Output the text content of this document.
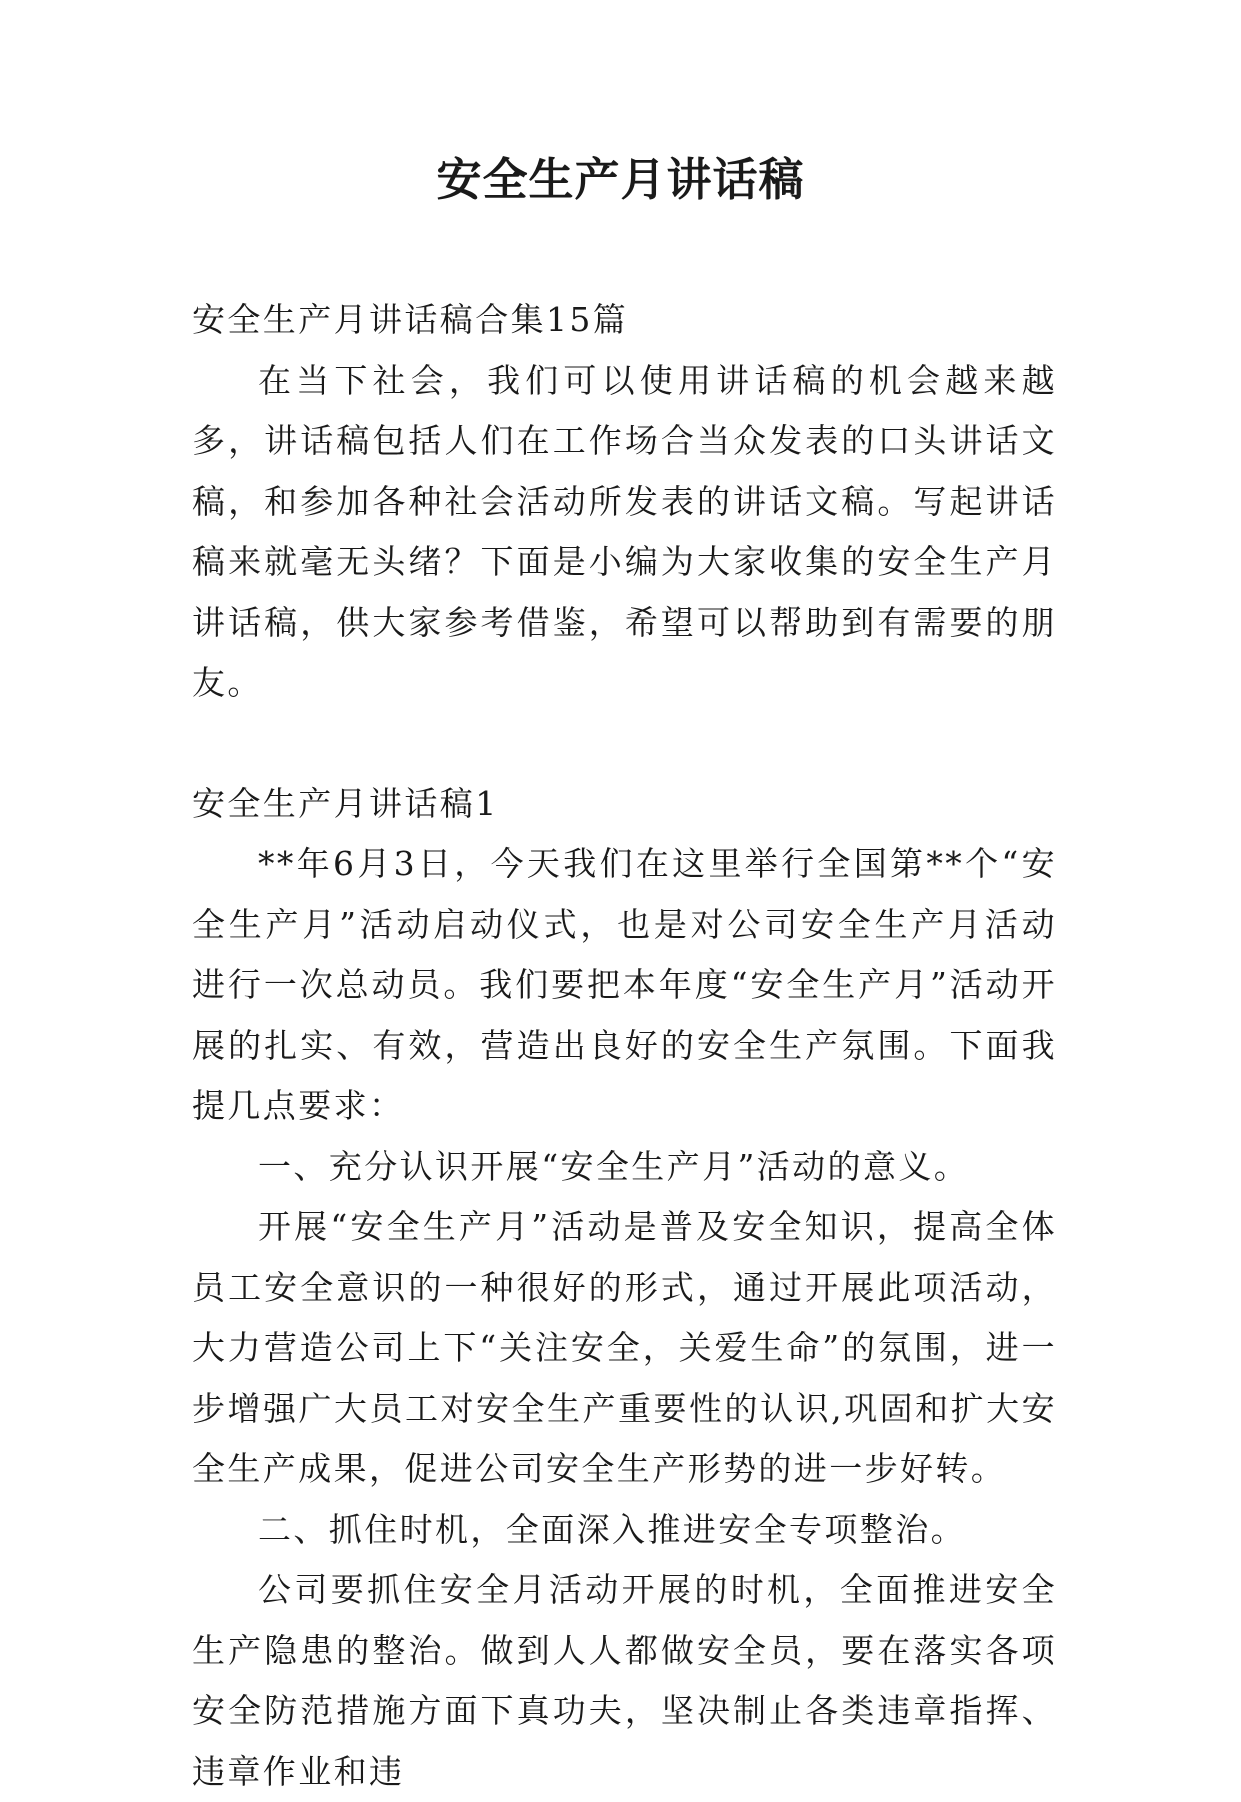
安全生产月讲话稿

安全生产月讲话稿合集15篇

在当下社会，我们可以使用讲话稿的机会越来越多，讲话稿包括人们在工作场合当众发表的口头讲话文稿，和参加各种社会活动所发表的讲话文稿。写起讲话稿来就毫无头绪？下面是小编为大家收集的安全生产月讲话稿，供大家参考借鉴，希望可以帮助到有需要的朋友。

安全生产月讲话稿1

**年6月3日，今天我们在这里举行全国第**个“安全生产月”活动启动仪式，也是对公司安全生产月活动进行一次总动员。我们要把本年度“安全生产月”活动开展的扎实、有效，营造出良好的安全生产氛围。下面我提几点要求：

一、充分认识开展“安全生产月”活动的意义。

开展“安全生产月”活动是普及安全知识，提高全体员工安全意识的一种很好的形式，通过开展此项活动，大力营造公司上下“关注安全，关爱生命”的氛围，进一步增强广大员工对安全生产重要性的认识,巩固和扩大安全生产成果，促进公司安全生产形势的进一步好转。

二、抓住时机，全面深入推进安全专项整治。

公司要抓住安全月活动开展的时机，全面推进安全生产隐患的整治。做到人人都做安全员，要在落实各项安全防范措施方面下真功夫，坚决制止各类违章指挥、违章作业和违
